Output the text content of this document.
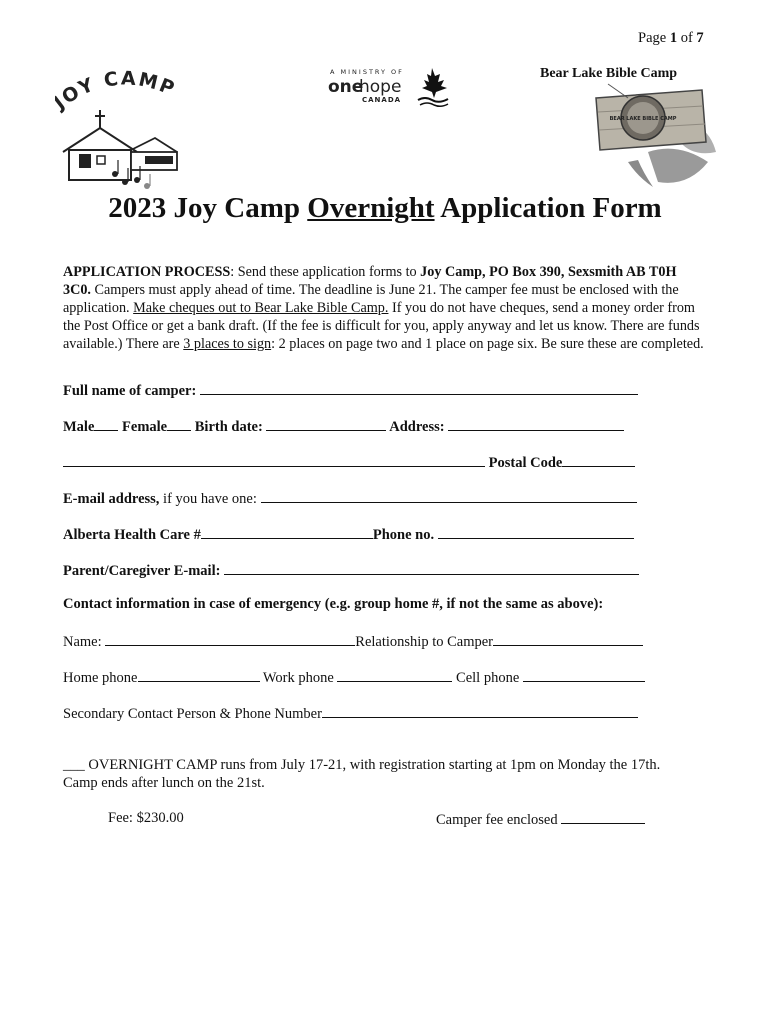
Page 1 of 7
OY CAMP
A MINISTRY OF
one
hope
CANADA
Bear Lake Bible Camp
BEAR LAKE BIBLE CAMP
2023 Joy Camp Overnight Application Form
APPLICATION PROCESS: Send these application forms to Joy Camp, PO Box 390, Sexsmith AB T0H 3C0. Campers must apply ahead of time. The deadline is June 21. The camper fee must be enclosed with the application. Make cheques out to Bear Lake Bible Camp. If you do not have cheques, send a money order from the Post Office or get a bank draft. (If the fee is difficult for you, apply anyway and let us know. There are funds available.) There are 3 places to sign: 2 places on page two and 1 place on page six. Be sure these are completed.
Full name of camper:
Male Female Birth date:	Address:
Postal Code
E-mail address, if you have one:
Alberta Health Care #	Phone no.
Parent/Caregiver E-mail:
Contact information in case of emergency (e.g. group home #, if not the same as above):
Name:	Relationship to Camper
Home phone	Work phone	Cell phone
Secondary Contact Person & Phone Number
___ OVERNIGHT CAMP runs from July 17-21, with registration starting at 1pm on Monday the 17th.
Camp ends after lunch on the 21st.
Fee: $230.00	Camper fee enclosed
